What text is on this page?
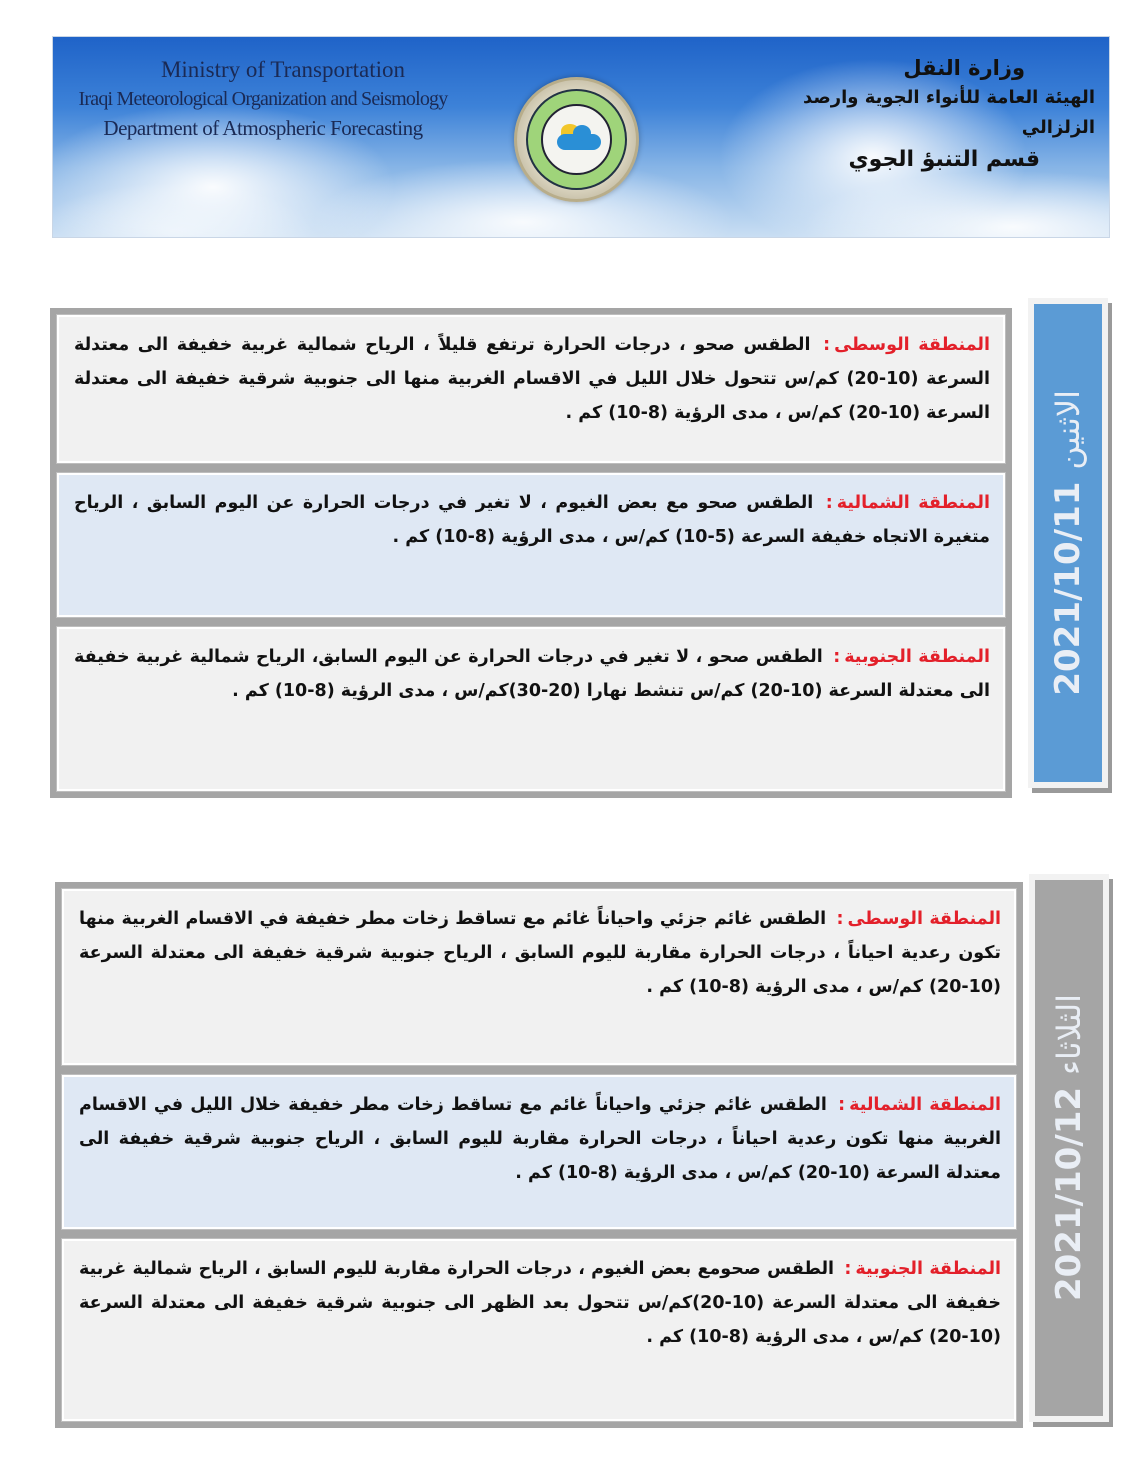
Ministry of Transportation
Iraqi Meteorological Organization and Seismology
Department of Atmospheric Forecasting
وزارة النقل
الهيئة العامة للأنواء الجوية وارصد الزلزالي
قسم التنبؤ الجوي
المنطقة الوسطى: الطقس صحو ، درجات الحرارة ترتفع قليلاً ، الرياح شمالية غربية خفيفة الى معتدلة السرعة (10-20) كم/س تتحول خلال الليل في الاقسام الغربية منها الى جنوبية شرقية خفيفة الى معتدلة السرعة (10-20) كم/س ، مدى الرؤية (8-10) كم .
المنطقة الشمالية: الطقس صحو مع بعض الغيوم ، لا تغير في درجات الحرارة عن اليوم السابق ، الرياح متغيرة الاتجاه خفيفة السرعة (5-10) كم/س ، مدى الرؤية (8-10) كم .
المنطقة الجنوبية: الطقس صحو ، لا تغير في درجات الحرارة عن اليوم السابق، الرياح شمالية غربية خفيفة الى معتدلة السرعة (10-20) كم/س تنشط نهارا (20-30)كم/س ، مدى الرؤية (8-10) كم .	2021/10/11 الاثنين
المنطقة الوسطى: الطقس غائم جزئي واحياناً غائم مع تساقط زخات مطر خفيفة في الاقسام الغربية منها تكون رعدية احياناً ، درجات الحرارة مقاربة لليوم السابق ، الرياح جنوبية شرقية خفيفة الى معتدلة السرعة (10-20) كم/س ، مدى الرؤية (8-10) كم .
المنطقة الشمالية: الطقس غائم جزئي واحياناً غائم مع تساقط زخات مطر خفيفة خلال الليل في الاقسام الغربية منها تكون رعدية احياناً ، درجات الحرارة مقاربة لليوم السابق ، الرياح جنوبية شرقية خفيفة الى معتدلة السرعة (10-20) كم/س ، مدى الرؤية (8-10) كم .
المنطقة الجنوبية: الطقس صحومع بعض الغيوم ، درجات الحرارة مقاربة لليوم السابق ، الرياح شمالية غربية خفيفة الى معتدلة السرعة (10-20)كم/س تتحول بعد الظهر الى جنوبية شرقية خفيفة الى معتدلة السرعة (10-20) كم/س ، مدى الرؤية (8-10) كم .
2021/10/12 الثلاثاء
